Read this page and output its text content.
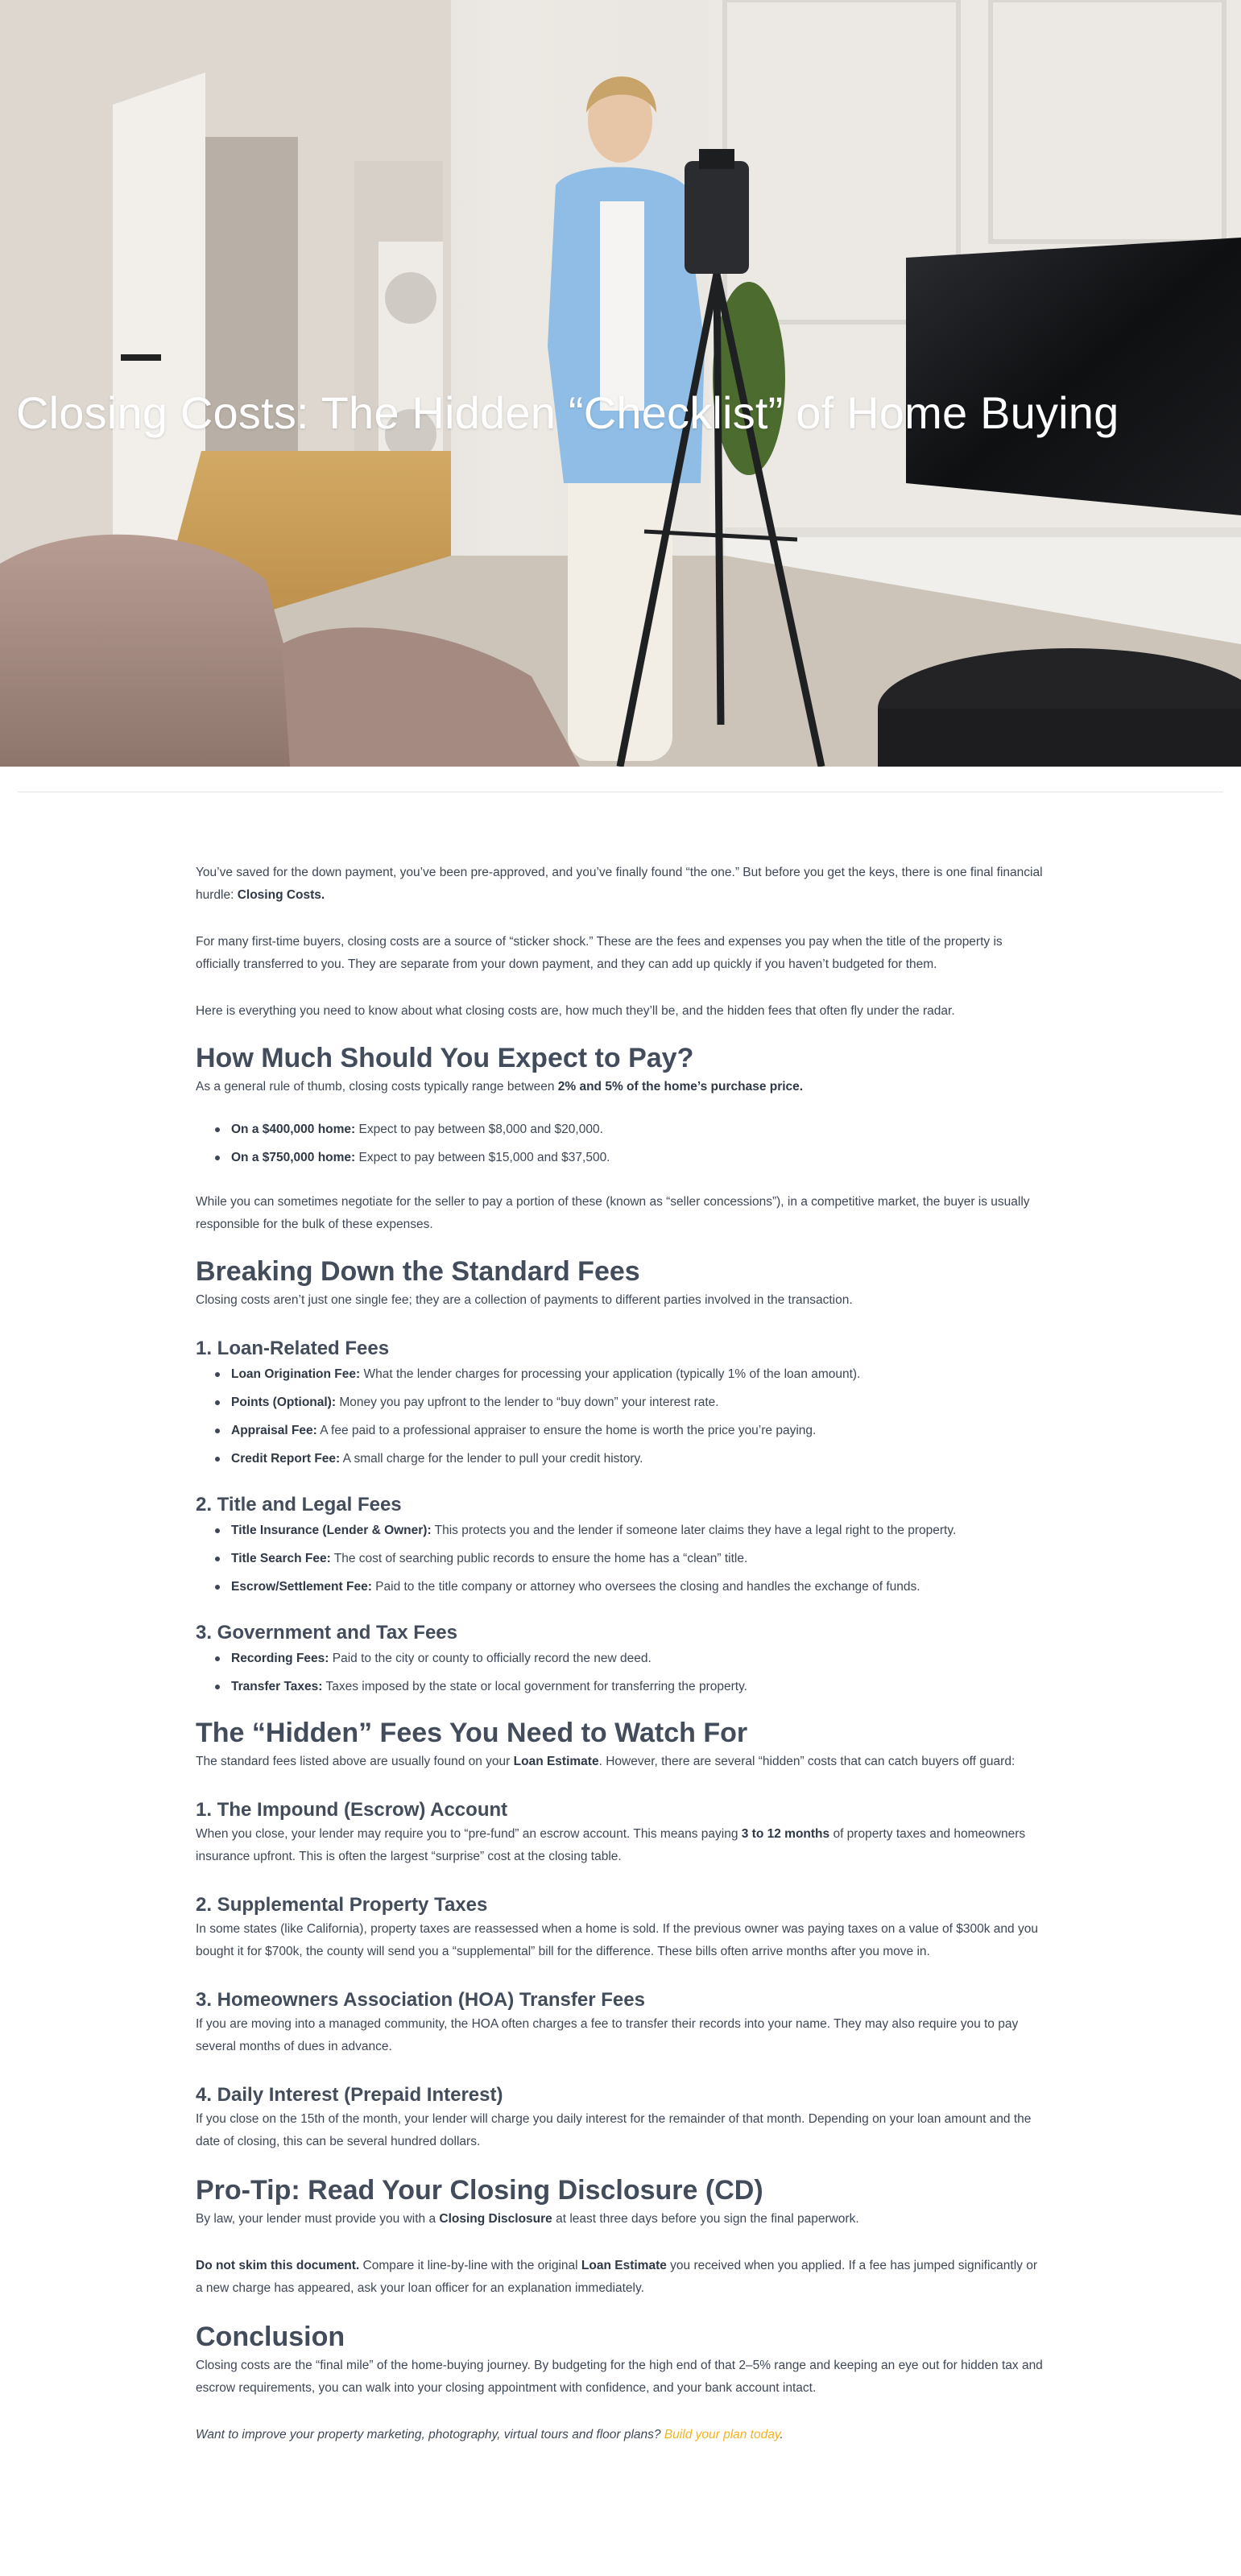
Closing Costs: The Hidden “Checklist” of Home Buying

You’ve saved for the down payment, you’ve been pre-approved, and you’ve finally found “the one.” But before you get the keys, there is one final financial hurdle: Closing Costs.

For many first-time buyers, closing costs are a source of “sticker shock.” These are the fees and expenses you pay when the title of the property is officially transferred to you. They are separate from your down payment, and they can add up quickly if you haven’t budgeted for them.

Here is everything you need to know about what closing costs are, how much they’ll be, and the hidden fees that often fly under the radar.

How Much Should You Expect to Pay?

As a general rule of thumb, closing costs typically range between 2% and 5% of the home’s purchase price.

On a $400,000 home: Expect to pay between $8,000 and $20,000.
On a $750,000 home: Expect to pay between $15,000 and $37,500.

While you can sometimes negotiate for the seller to pay a portion of these (known as “seller concessions”), in a competitive market, the buyer is usually responsible for the bulk of these expenses.

Breaking Down the Standard Fees

Closing costs aren’t just one single fee; they are a collection of payments to different parties involved in the transaction.

1. Loan-Related Fees
Loan Origination Fee: What the lender charges for processing your application (typically 1% of the loan amount).
Points (Optional): Money you pay upfront to the lender to “buy down” your interest rate.
Appraisal Fee: A fee paid to a professional appraiser to ensure the home is worth the price you’re paying.
Credit Report Fee: A small charge for the lender to pull your credit history.
2. Title and Legal Fees
Title Insurance (Lender & Owner): This protects you and the lender if someone later claims they have a legal right to the property.
Title Search Fee: The cost of searching public records to ensure the home has a “clean” title.
Escrow/Settlement Fee: Paid to the title company or attorney who oversees the closing and handles the exchange of funds.
3. Government and Tax Fees
Recording Fees: Paid to the city or county to officially record the new deed.
Transfer Taxes: Taxes imposed by the state or local government for transferring the property.
The “Hidden” Fees You Need to Watch For

The standard fees listed above are usually found on your Loan Estimate. However, there are several “hidden” costs that can catch buyers off guard:

1. The Impound (Escrow) Account

When you close, your lender may require you to “pre-fund” an escrow account. This means paying 3 to 12 months of property taxes and homeowners insurance upfront. This is often the largest “surprise” cost at the closing table.

2. Supplemental Property Taxes

In some states (like California), property taxes are reassessed when a home is sold. If the previous owner was paying taxes on a value of $300k and you bought it for $700k, the county will send you a “supplemental” bill for the difference. These bills often arrive months after you move in.

3. Homeowners Association (HOA) Transfer Fees

If you are moving into a managed community, the HOA often charges a fee to transfer their records into your name. They may also require you to pay several months of dues in advance.

4. Daily Interest (Prepaid Interest)

If you close on the 15th of the month, your lender will charge you daily interest for the remainder of that month. Depending on your loan amount and the date of closing, this can be several hundred dollars.

Pro-Tip: Read Your Closing Disclosure (CD)

By law, your lender must provide you with a Closing Disclosure at least three days before you sign the final paperwork.

Do not skim this document. Compare it line-by-line with the original Loan Estimate you received when you applied. If a fee has jumped significantly or a new charge has appeared, ask your loan officer for an explanation immediately.

Conclusion

Closing costs are the “final mile” of the home-buying journey. By budgeting for the high end of that 2–5% range and keeping an eye out for hidden tax and escrow requirements, you can walk into your closing appointment with confidence, and your bank account intact.

Want to improve your property marketing, photography, virtual tours and floor plans? Build your plan today.
